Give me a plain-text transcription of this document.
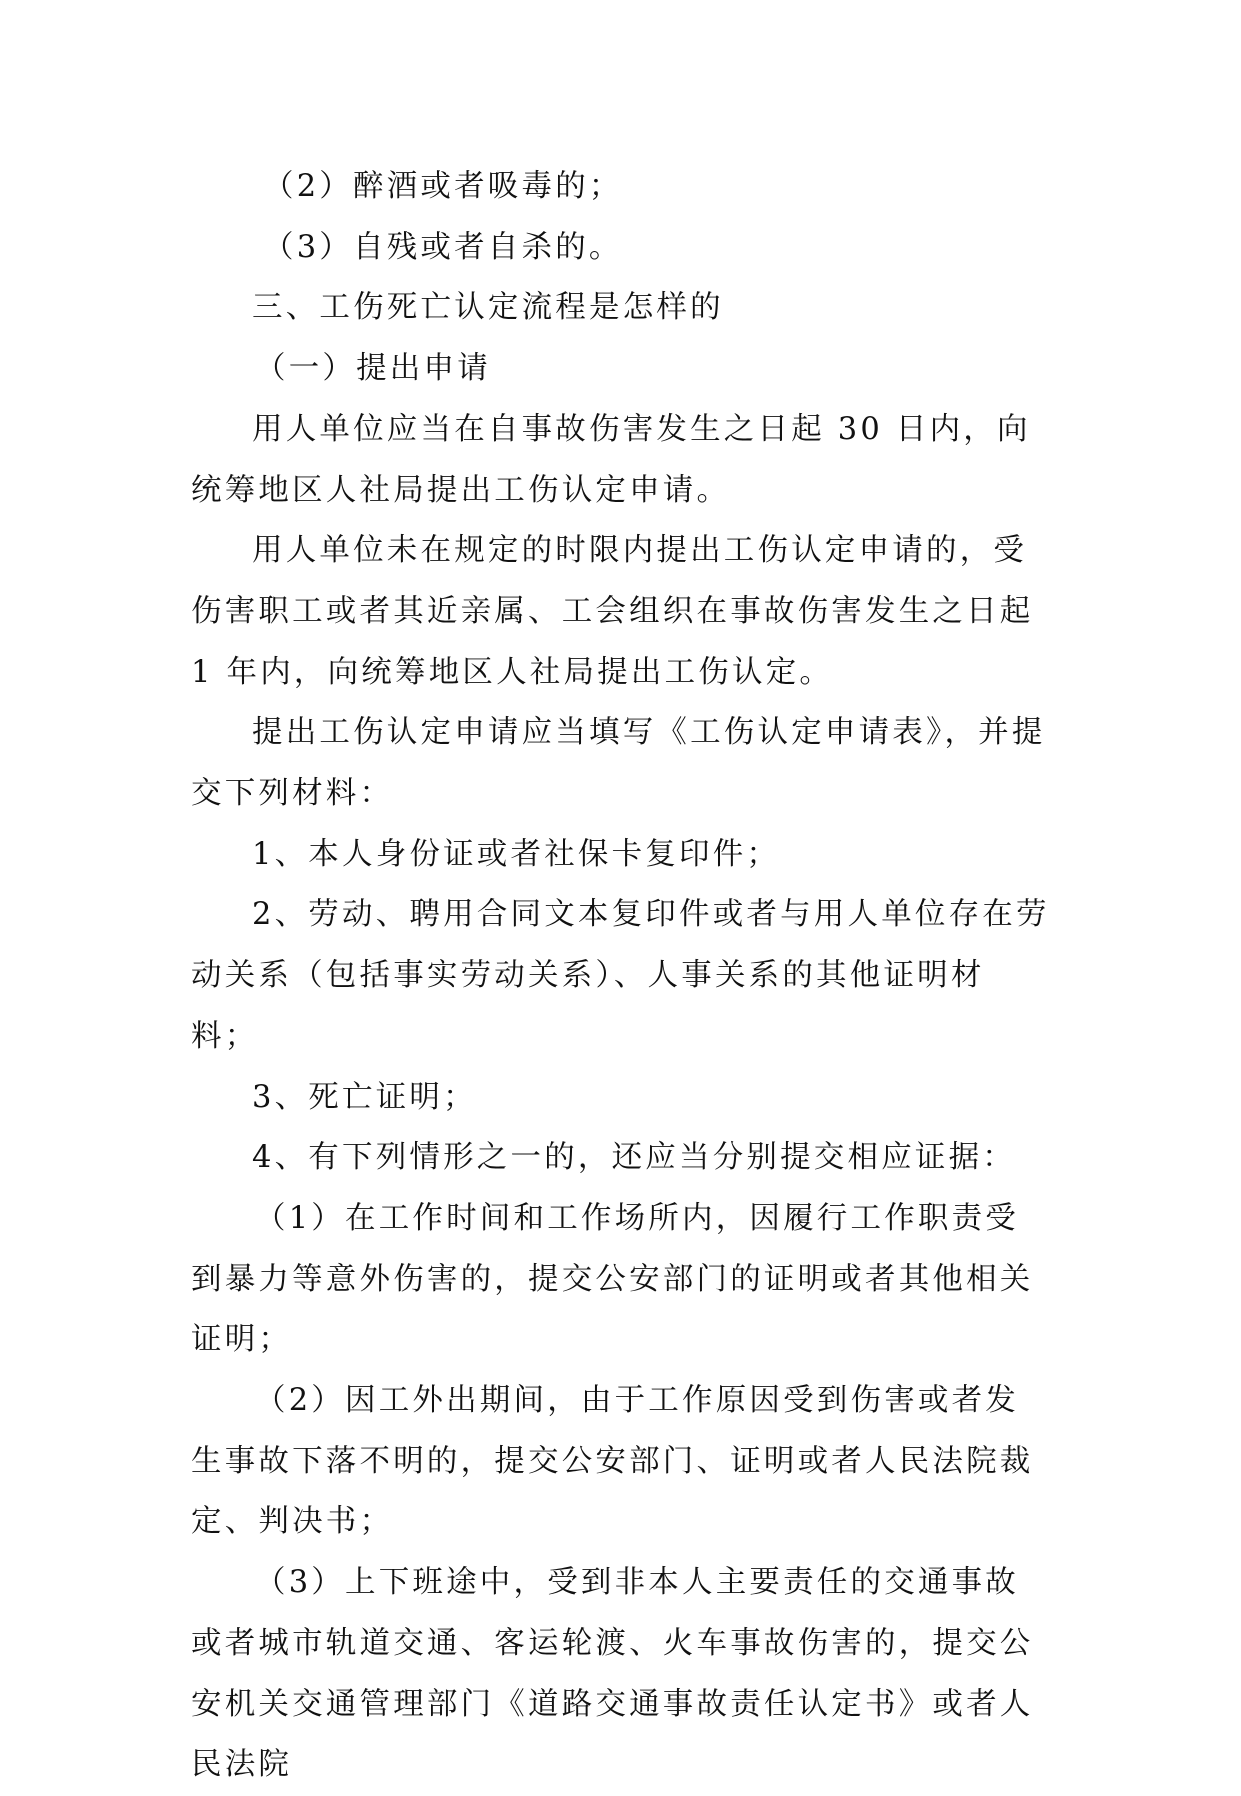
（2）醉酒或者吸毒的；

（3）自残或者自杀的。

三、工伤死亡认定流程是怎样的

（一）提出申请

用人单位应当在自事故伤害发生之日起 30 日内，向统筹地区人社局提出工伤认定申请。

用人单位未在规定的时限内提出工伤认定申请的，受伤害职工或者其近亲属、工会组织在事故伤害发生之日起 1 年内，向统筹地区人社局提出工伤认定。

提出工伤认定申请应当填写《工伤认定申请表》，并提交下列材料：

1、本人身份证或者社保卡复印件；

2、劳动、聘用合同文本复印件或者与用人单位存在劳动关系（包括事实劳动关系）、人事关系的其他证明材料；

3、死亡证明；

4、有下列情形之一的，还应当分别提交相应证据：

（1）在工作时间和工作场所内，因履行工作职责受到暴力等意外伤害的，提交公安部门的证明或者其他相关证明；

（2）因工外出期间，由于工作原因受到伤害或者发生事故下落不明的，提交公安部门、证明或者人民法院裁定、判决书；

（3）上下班途中，受到非本人主要责任的交通事故或者城市轨道交通、客运轮渡、火车事故伤害的，提交公安机关交通管理部门《道路交通事故责任认定书》或者人民法院
